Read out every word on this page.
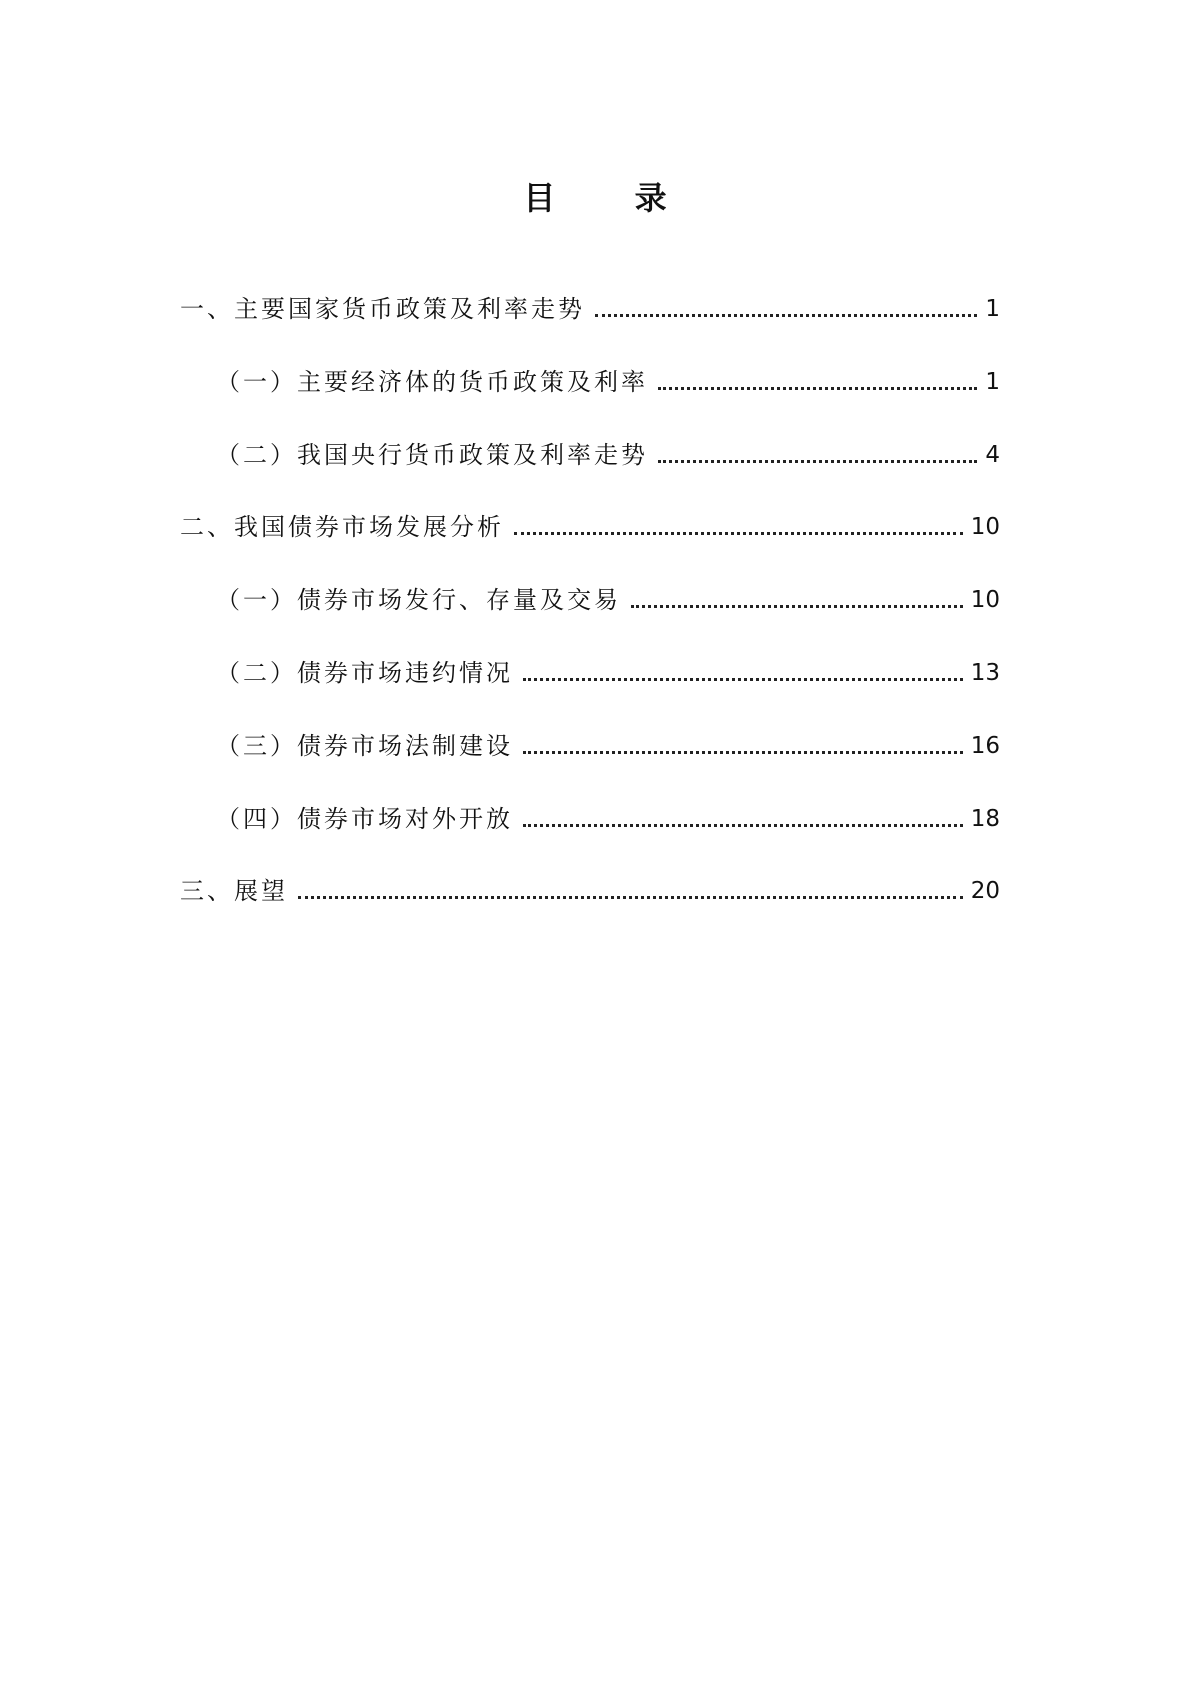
目 录
一、主要国家货币政策及利率走势	1
（一）主要经济体的货币政策及利率	1
（二）我国央行货币政策及利率走势	4
二、我国债券市场发展分析	10
（一）债券市场发行、存量及交易	10
（二）债券市场违约情况	13
（三）债券市场法制建设	16
（四）债券市场对外开放	18
三、展望	20
